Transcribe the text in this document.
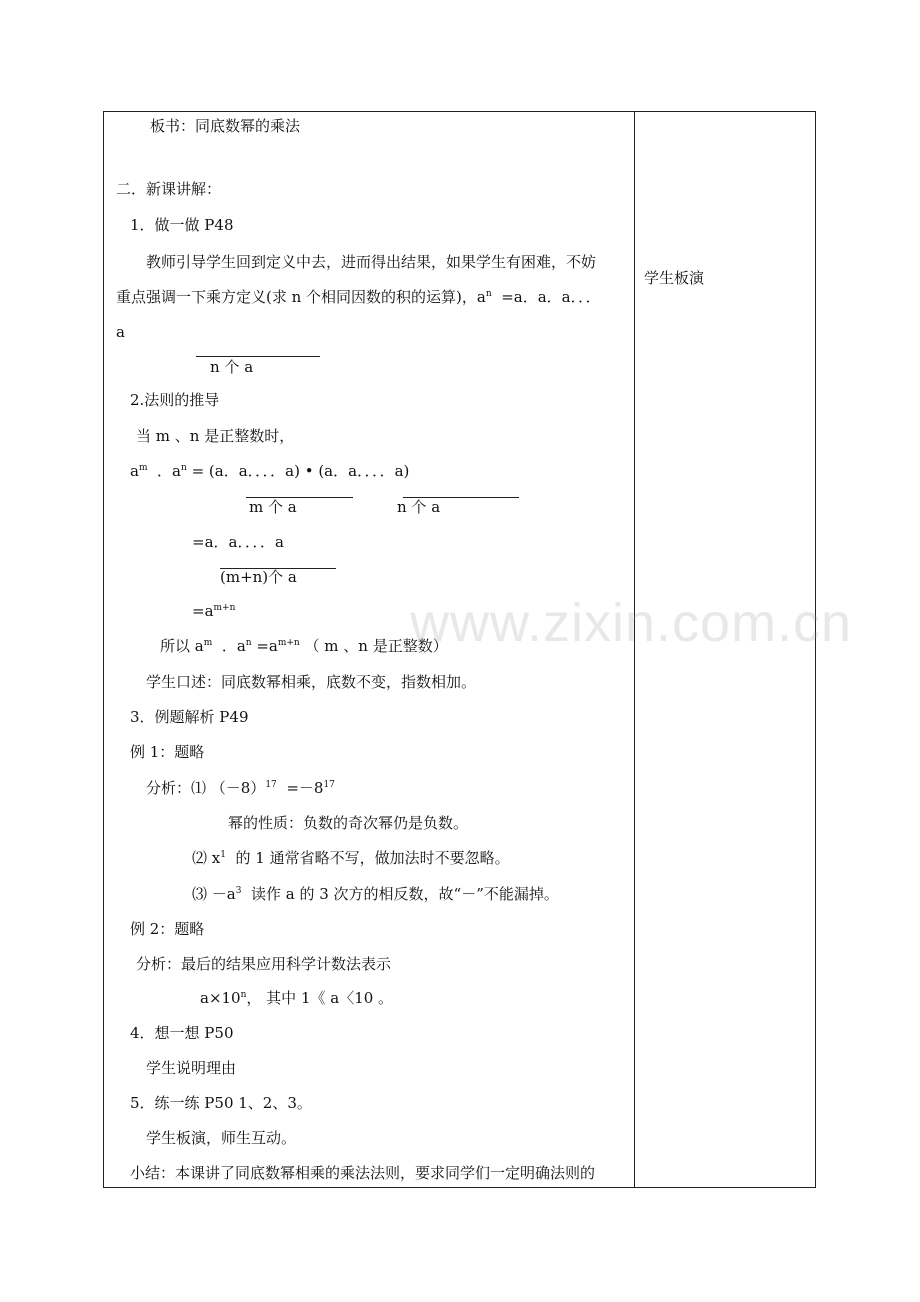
学生板演
板书：同底数幂的乘法
二．新课讲解：
1．做一做 P48
教师引导学生回到定义中去，进而得出结果，如果学生有困难，不妨
重点强调一下乘方定义(求 n 个相同因数的积的运算)，$a^n =a$．a．a．．．
a
n 个 a
2.法则的推导
当 m 、n 是正整数时，
$a^m$ ．$a^n = (a$．a．．．．a) • (a．a．．．．a)
m 个 a	n 个 a
=a．a．．．．a
(m+n)个 a
$=a^{m+n}$
所以 $a^m$ ．$a^n =a^{m+n}$ （ m 、n 是正整数）
学生口述：同底数幂相乘，底数不变，指数相加。
3．例题解析 P49
例 1：题略
分析：⑴ $(-8)^{17} =-8^{17}$
幂的性质：负数的奇次幂仍是负数。
⑵ $x^1$ 的 1 通常省略不写，做加法时不要忽略。
⑶ $-a^3$ 读作 a 的 3 次方的相反数，故“－”不能漏掉。
例 2：题略
分析：最后的结果应用科学计数法表示
$a\times 10^n$， 其中 1《 a〈10 。
4．想一想 P50
学生说明理由
5．练一练 P50 1、2、3。
学生板演，师生互动。
小结：本课讲了同底数幂相乘的乘法法则，要求同学们一定明确法则的
www.zixin.com.cn
